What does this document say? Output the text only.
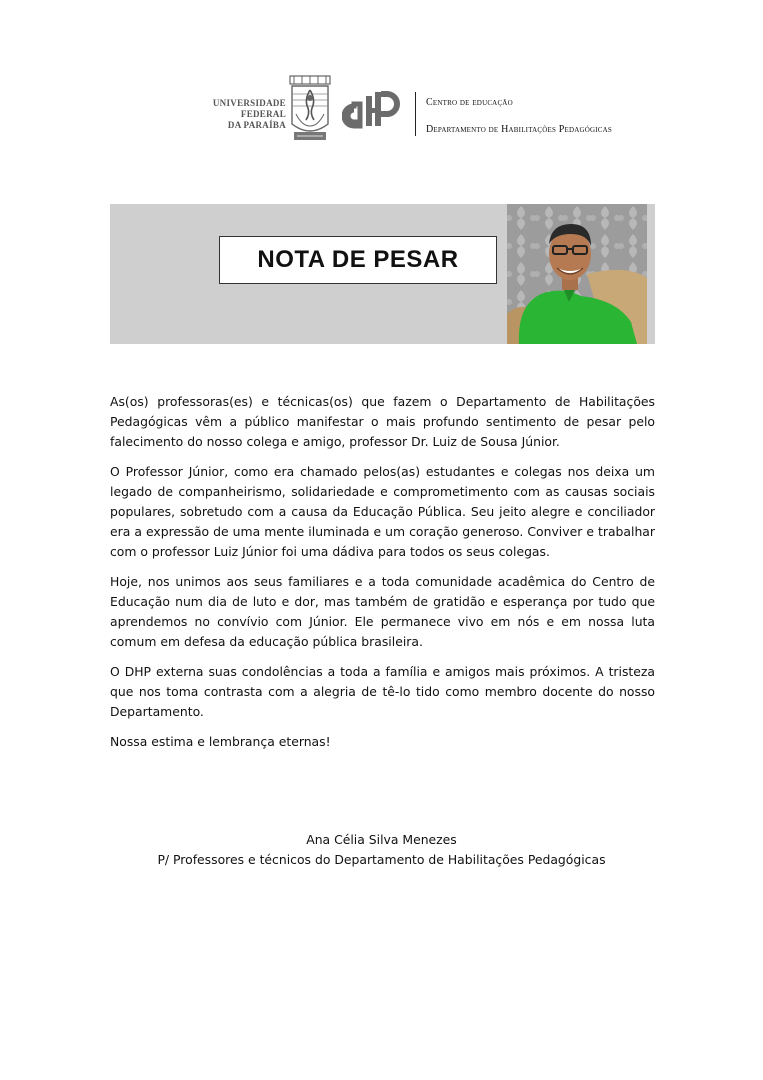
UNIVERSIDADE FEDERAL
DA PARAÍBA
Centro de educação
Departamento de Habilitações Pedagógicas
NOTA DE PESAR

As(os) professoras(es) e técnicas(os) que fazem o Departamento de Habilitações Pedagógicas vêm a público manifestar o mais profundo sentimento de pesar pelo falecimento do nosso colega e amigo, professor Dr. Luiz de Sousa Júnior.

O Professor Júnior, como era chamado pelos(as) estudantes e colegas nos deixa um legado de companheirismo, solidariedade e comprometimento com as causas sociais populares, sobretudo com a causa da Educação Pública. Seu jeito alegre e conciliador era a expressão de uma mente iluminada e um coração generoso. Conviver e trabalhar com o professor Luiz Júnior foi uma dádiva para todos os seus colegas.

Hoje, nos unimos aos seus familiares e a toda comunidade acadêmica do Centro de Educação num dia de luto e dor, mas também de gratidão e esperança por tudo que aprendemos no convívio com Júnior. Ele permanece vivo em nós e em nossa luta comum em defesa da educação pública brasileira.

O DHP externa suas condolências a toda a família e amigos mais próximos. A tristeza que nos toma contrasta com a alegria de tê-lo tido como membro docente do nosso Departamento.

Nossa estima e lembrança eternas!

Ana Célia Silva Menezes
P/ Professores e técnicos do Departamento de Habilitações Pedagógicas
